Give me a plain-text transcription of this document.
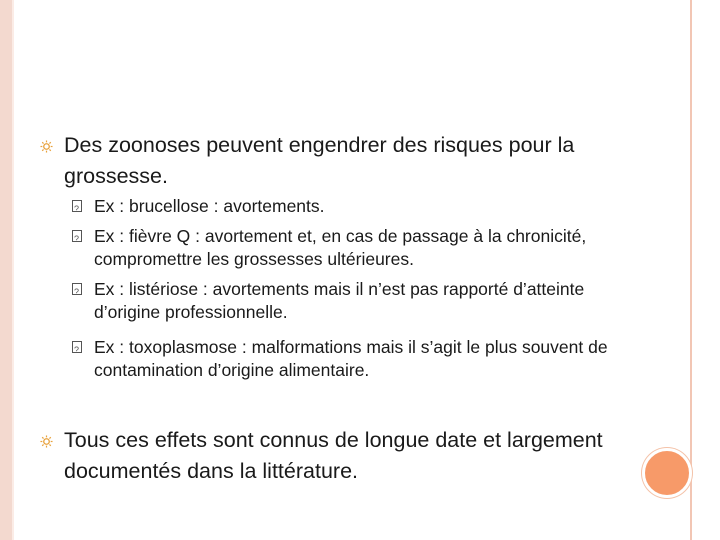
Des zoonoses peuvent engendrer des risques pour la grossesse.
?
Ex : brucellose : avortements.
?
Ex : fièvre Q : avortement et, en cas de passage à la chronicité, compromettre les grossesses ultérieures.
?
Ex : listériose : avortements mais il n’est pas rapporté d’atteinte d’origine professionnelle.
?
Ex : toxoplasmose : malformations mais il s’agit le plus souvent de contamination d’origine alimentaire.
Tous ces effets sont connus de longue date et largement documentés dans la littérature.
